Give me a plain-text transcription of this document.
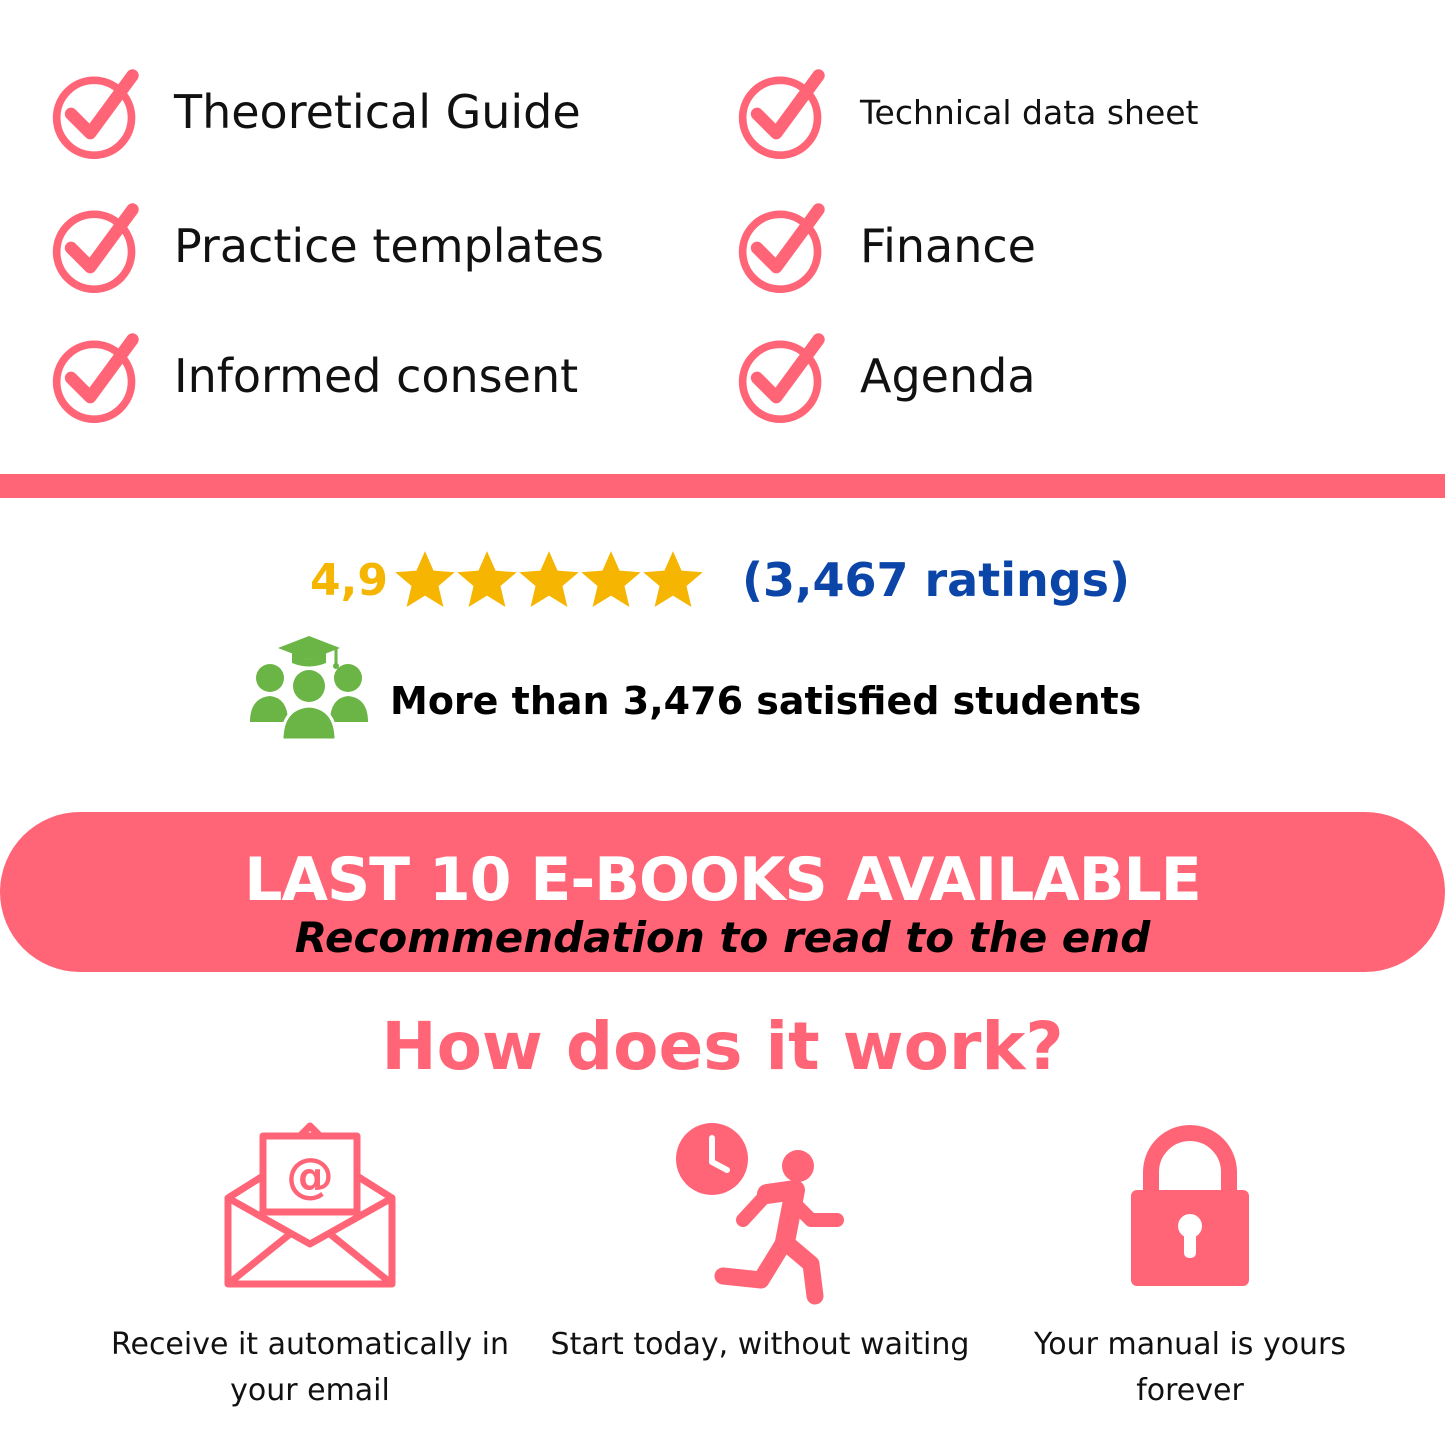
Theoretical Guide
Practice templates
Informed consent
Technical data sheet
Finance
Agenda
4,9	(3,467 ratings)
More than 3,476 satisfied students
LAST 10 E-BOOKS AVAILABLE
Recommendation to read to the end
How does it work?
@
Receive it automatically in your email
Start today, without waiting	Your manual is yours forever
